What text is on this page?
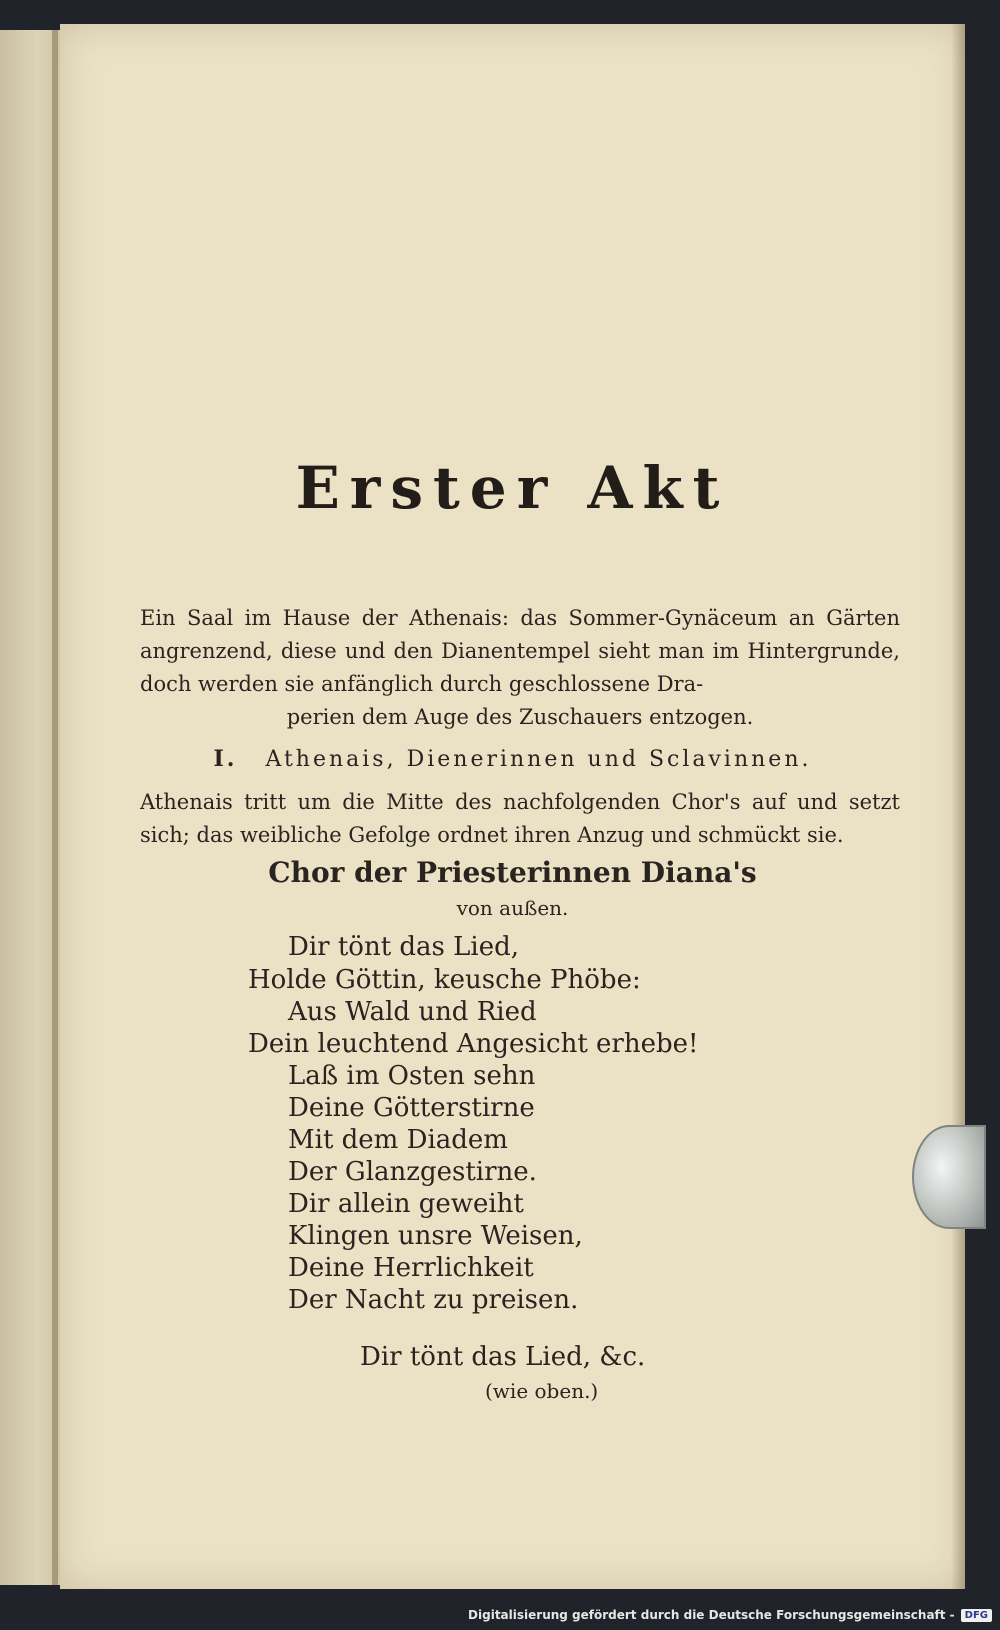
Erster Akt
Ein Saal im Hause der Athenais: das Sommer-Gynäceum an Gärten angrenzend, diese und den Dianentempel sieht man im Hintergrunde, doch werden sie anfänglich durch geschlossene Dra-
perien dem Auge des Zuschauers entzogen.
I. Athenais, Dienerinnen und Sclavinnen.
Athenais tritt um die Mitte des nachfolgenden Chor's auf und setzt sich; das weibliche Gefolge ordnet ihren Anzug und schmückt sie.
Chor der Priesterinnen Diana's
von außen.
Dir tönt das Lied,
Holde Göttin, keusche Phöbe:
Aus Wald und Ried
Dein leuchtend Angesicht erhebe!
Laß im Osten sehn
Deine Götterstirne
Mit dem Diadem
Der Glanzgestirne.
Dir allein geweiht
Klingen unsre Weisen,
Deine Herrlichkeit
Der Nacht zu preisen.
Dir tönt das Lied, &c.
(wie oben.)
Digitalisierung gefördert durch die Deutsche Forschungsgemeinschaft -	DFG
